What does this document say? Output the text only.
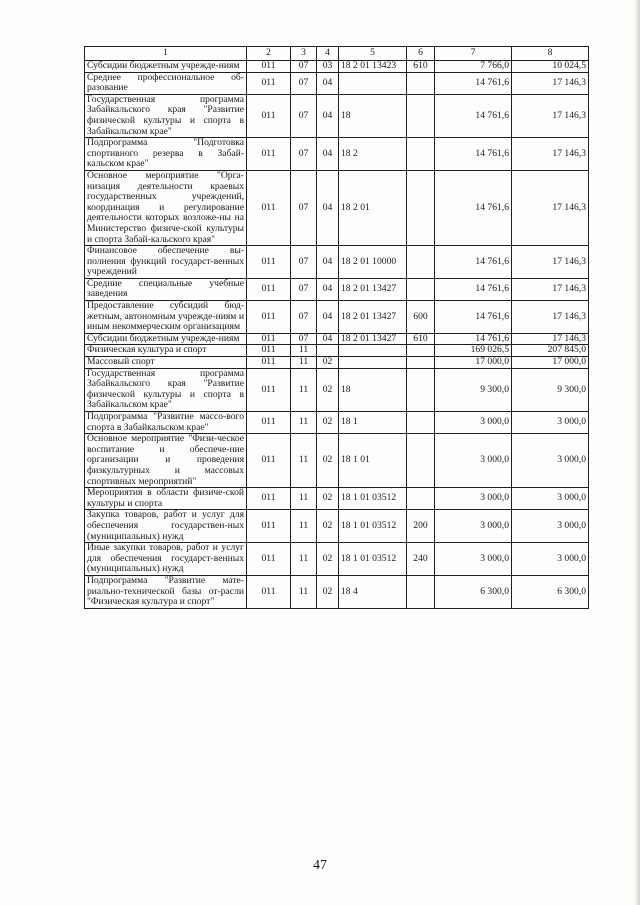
1	2	3	4	5	6	7	8
Субсидии бюджетным учрежде-ниям	011	07	03	18 2 01 13423	610	7 766,0	10 024,5
Среднее профессиональное об-разование	011	07	04			14 761,6	17 146,3
Государственная программа Забайкальского края "Развитие физической культуры и спорта в Забайкальском крае"	011	07	04	18		14 761,6	17 146,3
Подпрограмма "Подготовка спортивного резерва в Забай-кальском крае"	011	07	04	18 2		14 761,6	17 146,3
Основное мероприятие "Орга-низация деятельности краевых государственных учреждений, координация и регулирование деятельности которых возложе-ны на Министерство физиче-ской культуры и спорта Забай-кальского края"	011	07	04	18 2 01		14 761,6	17 146,3
Финансовое обеспечение вы-полнения функций государст-венных учреждений	011	07	04	18 2 01 10000		14 761,6	17 146,3
Средние специальные учебные заведения	011	07	04	18 2 01 13427		14 761,6	17 146,3
Предоставление субсидий бюд-жетным, автономным учрежде-ниям и иным некоммерческим организациям	011	07	04	18 2 01 13427	600	14 761,6	17 146,3
Субсидии бюджетным учрежде-ниям	011	07	04	18 2 01 13427	610	14 761,6	17 146,3
Физическая культура и спорт	011	11				169 026,5	207 845,0
Массовый спорт	011	11	02			17 000,0	17 000,0
Государственная программа Забайкальского края "Развитие физической культуры и спорта в Забайкальском крае"	011	11	02	18		9 300,0	9 300,0
Подпрограмма "Развитие массо-вого спорта в Забайкальском крае"	011	11	02	18 1		3 000,0	3 000,0
Основное мероприятие "Физи-ческое воспитание и обеспече-ние организации и проведения физкультурных и массовых спортивных мероприятий"	011	11	02	18 1 01		3 000,0	3 000,0
Мероприятия в области физиче-ской культуры и спорта	011	11	02	18 1 01 03512		3 000,0	3 000,0
Закупка товаров, работ и услуг для обеспечения государствен-ных (муниципальных) нужд	011	11	02	18 1 01 03512	200	3 000,0	3 000,0
Иные закупки товаров, работ и услуг для обеспечения государст-венных (муниципальных) нужд	011	11	02	18 1 01 03512	240	3 000,0	3 000,0
Подпрограмма "Развитие мате-риально-технической базы от-расли "Физическая культура и спорт"	011	11	02	18 4		6 300,0	6 300,0
47
